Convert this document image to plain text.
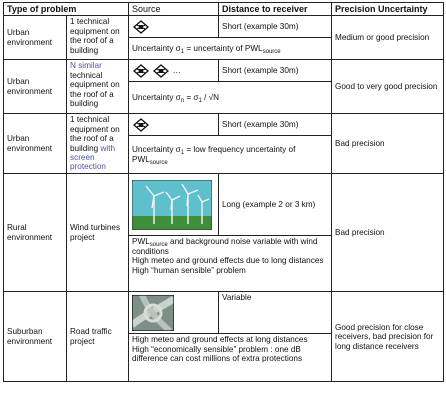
Type of problem		Source	Distance to receiver	Precision Uncertainty
Urban environment	1 technical equipment on the roof of a building		Short (example 30m)	Medium or good precision
		Uncertainty $\sigma_1$ = uncertainty of $PWL_{source}$
Urban environment	N similar technical equipment on the roof of a building	…	Short (example 30m)	Good to very good precision
		Uncertainty $\sigma_n = \sigma_1 / √N$		
Urban environment	1 technical equipment on the roof of a building with screen protection		Short (example 30m)	Bad precision
		Uncertainty $\sigma_1$ = low frequency uncertainty of $PWL_{source}$
Rural environment	Wind turbines project		Long (example 2 or 3 km)	Bad precision

		$PWL_{source}$ and background noise variable with wind conditions
High meteo and ground effects due to long distances
High “human sensible” problem		

Suburban environment	Road traffic project		Variable	Good precision for close receivers, bad precision for long distance receivers

		High meteo and ground effects at long distances
High “economically sensible” problem : one dB difference can cost millions of extra protections		
